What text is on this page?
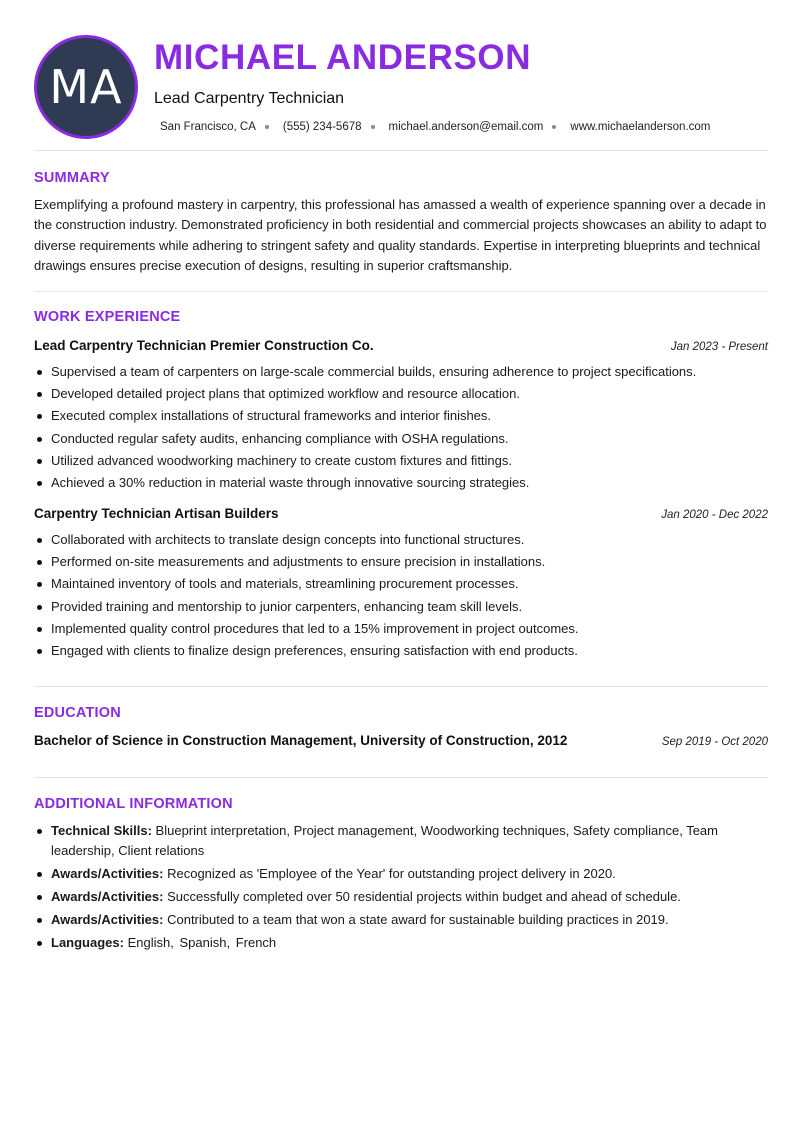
MA
MICHAEL ANDERSON
Lead Carpentry Technician
San Francisco, CA (555) 234-5678 michael.anderson@email.com www.michaelanderson.com
SUMMARY
Exemplifying a profound mastery in carpentry, this professional has amassed a wealth of experience spanning over a decade in the construction industry. Demonstrated proficiency in both residential and commercial projects showcases an ability to adapt to diverse requirements while adhering to stringent safety and quality standards. Expertise in interpreting blueprints and technical drawings ensures precise execution of designs, resulting in superior craftsmanship.
WORK EXPERIENCE
Lead Carpentry Technician Premier Construction Co.	Jan 2023 - Present
Supervised a team of carpenters on large-scale commercial builds, ensuring adherence to project specifications.
Developed detailed project plans that optimized workflow and resource allocation.
Executed complex installations of structural frameworks and interior finishes.
Conducted regular safety audits, enhancing compliance with OSHA regulations.
Utilized advanced woodworking machinery to create custom fixtures and fittings.
Achieved a 30% reduction in material waste through innovative sourcing strategies.
Carpentry Technician Artisan Builders	Jan 2020 - Dec 2022
Collaborated with architects to translate design concepts into functional structures.
Performed on-site measurements and adjustments to ensure precision in installations.
Maintained inventory of tools and materials, streamlining procurement processes.
Provided training and mentorship to junior carpenters, enhancing team skill levels.
Implemented quality control procedures that led to a 15% improvement in project outcomes.
Engaged with clients to finalize design preferences, ensuring satisfaction with end products.
EDUCATION
Bachelor of Science in Construction Management, University of Construction, 2012	Sep 2019 - Oct 2020
ADDITIONAL INFORMATION
Technical Skills: Blueprint interpretation, Project management, Woodworking techniques, Safety compliance, Team leadership, Client relations
Awards/Activities: Recognized as 'Employee of the Year' for outstanding project delivery in 2020.
Awards/Activities: Successfully completed over 50 residential projects within budget and ahead of schedule.
Awards/Activities: Contributed to a team that won a state award for sustainable building practices in 2019.
Languages: English, Spanish, French
